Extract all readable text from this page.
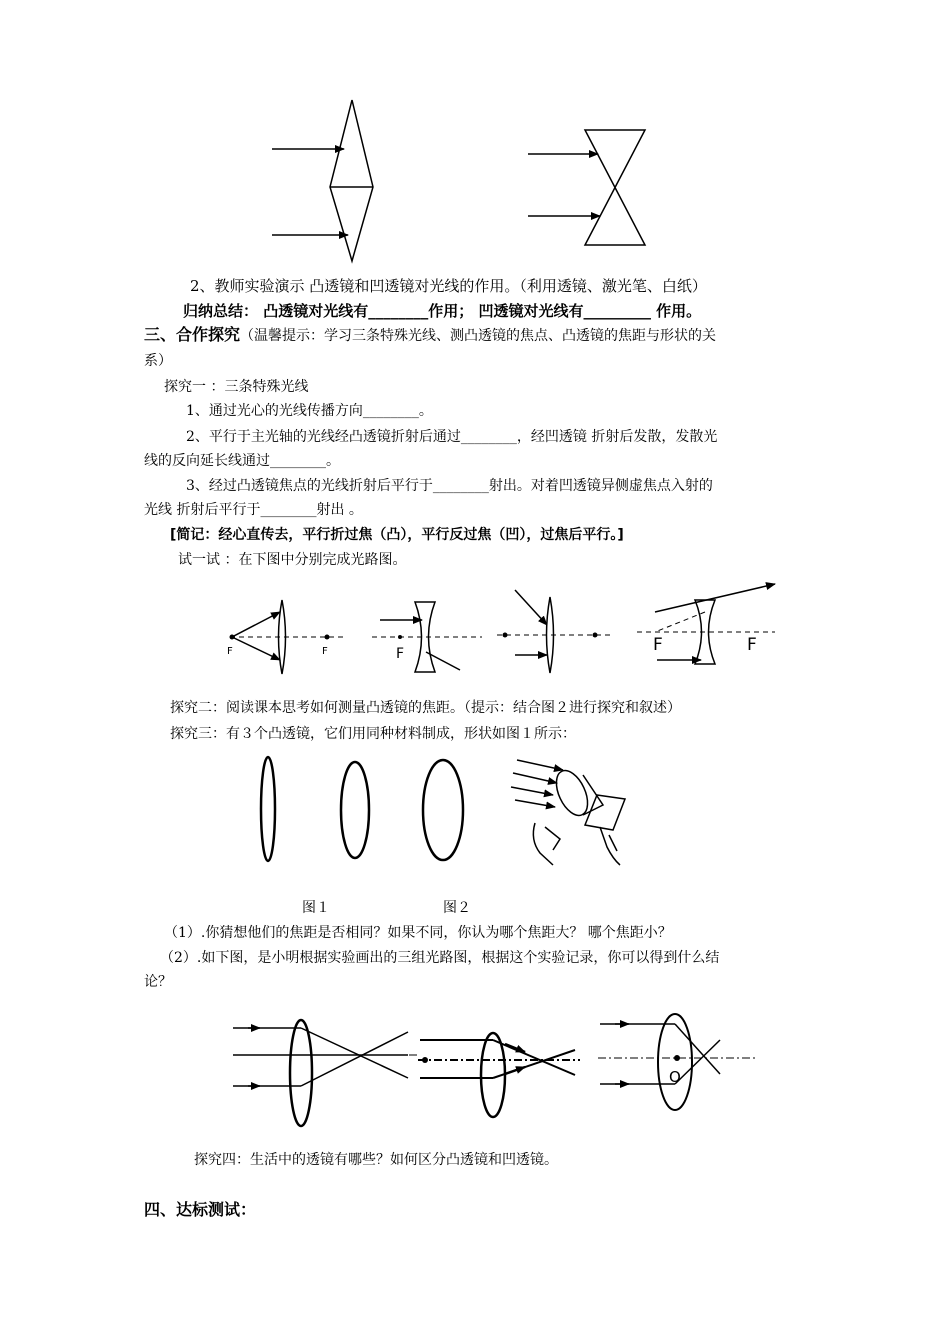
2、教师实验演示 凸透镜和凹透镜对光线的作用。（利用透镜、激光笔、白纸）
归纳总结： 凸透镜对光线有________作用； 凹透镜对光线有_________ 作用。
三、合作探究（温馨提示：学习三条特殊光线、测凸透镜的焦点、凸透镜的焦距与形状的关
系）
探究一 ：三条特殊光线
1、通过光心的光线传播方向________。
2、平行于主光轴的光线经凸透镜折射后通过________，经凹透镜 折射后发散，发散光
线的反向延长线通过________。
3、经过凸透镜焦点的光线折射后平行于________射出。对着凹透镜异侧虚焦点入射的
光线 折射后平行于________射出 。
[简记：经心直传去，平行折过焦（凸），平行反过焦（凹），过焦后平行。]
试一试 ：在下图中分别完成光路图。
F	F	F	F	F
探究二：阅读课本思考如何测量凸透镜的焦距。（提示：结合图２进行探究和叙述）
探究三：有３个凸透镜，它们用同种材料制成，形状如图１所示：
图１	图２
（1）.你猜想他们的焦距是否相同？如果不同，你认为哪个焦距大？ 哪个焦距小？
（2）.如下图，是小明根据实验画出的三组光路图，根据这个实验记录，你可以得到什么结
论？
O
探究四：生活中的透镜有哪些？如何区分凸透镜和凹透镜。
四、达标测试：
